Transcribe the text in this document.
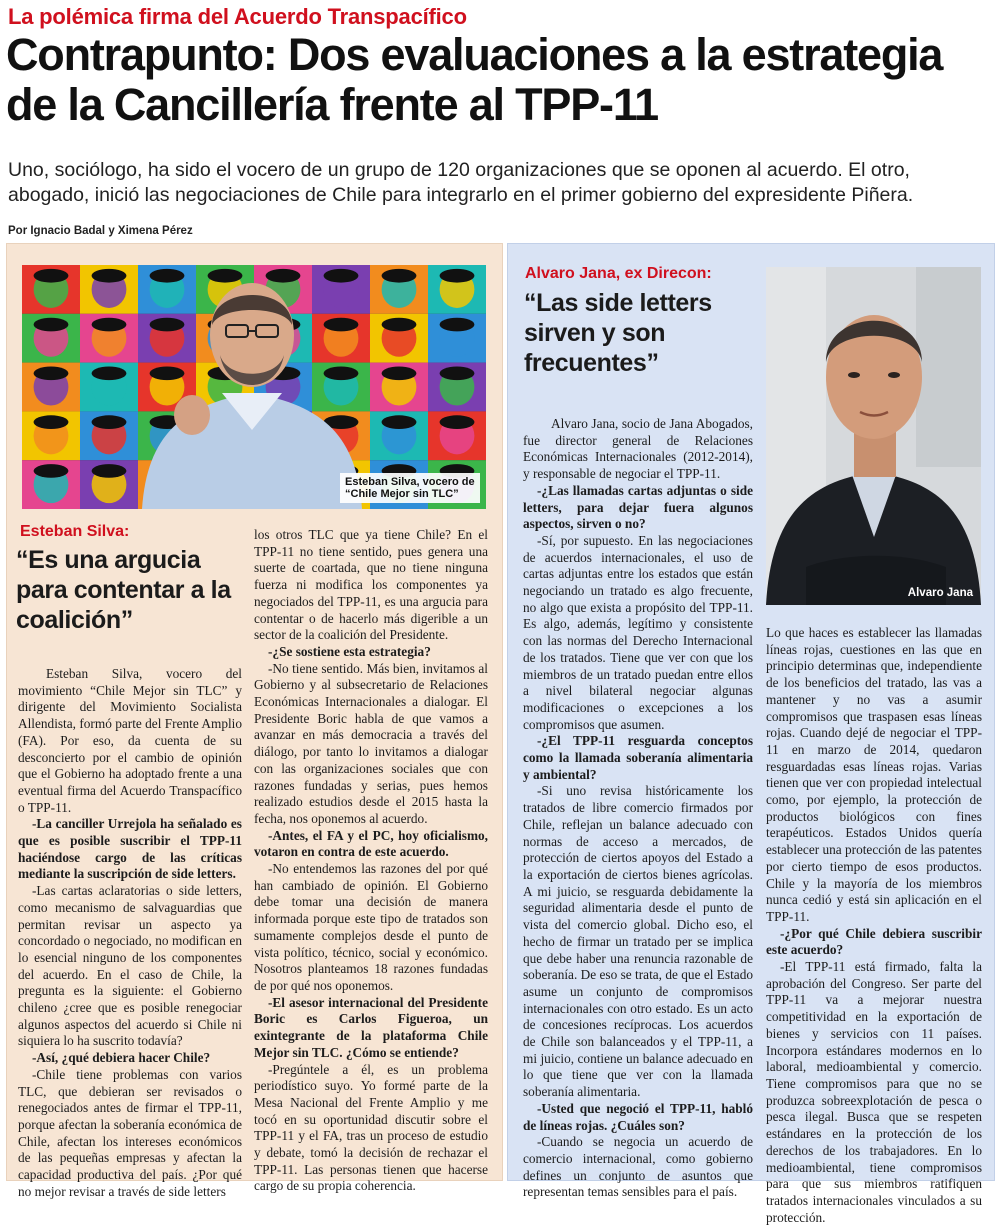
La polémica firma del Acuerdo Transpacífico
Contrapunto: Dos evaluaciones a la estrategia de la Cancillería frente al TPP-11
Uno, sociólogo, ha sido el vocero de un grupo de 120 organizaciones que se oponen al acuerdo. El otro, abogado, inició las negociaciones de Chile para integrarlo en el primer gobierno del expresidente Piñera.
Por Ignacio Badal y Ximena Pérez
Esteban Silva, vocero de “Chile Mejor sin TLC”
Alvaro Jana
Esteban Silva:
“Es una argucia para contentar a la coalición”

Esteban Silva, vocero del movimiento “Chile Mejor sin TLC” y dirigente del Movimiento Socialista Allendista, formó parte del Frente Amplio (FA). Por eso, da cuenta de su desconcierto por el cambio de opinión que el Gobierno ha adoptado frente a una eventual firma del Acuerdo Transpacífico o TPP-11.

-La canciller Urrejola ha señalado es que es posible suscribir el TPP-11 haciéndose cargo de las críticas mediante la suscripción de side letters.

-Las cartas aclaratorias o side letters, como mecanismo de salvaguardias que permitan revisar un aspecto ya concordado o negociado, no modifican en lo esencial ninguno de los componentes del acuerdo. En el caso de Chile, la pregunta es la siguiente: el Gobierno chileno ¿cree que es posible renegociar algunos aspectos del acuerdo si Chile ni siquiera lo ha suscrito todavía?

-Así, ¿qué debiera hacer Chile?

-Chile tiene problemas con varios TLC, que debieran ser revisados o renegociados antes de firmar el TPP-11, porque afectan la soberanía económica de Chile, afectan los intereses económicos de las pequeñas empresas y afectan la capacidad productiva del país. ¿Por qué no mejor revisar a través de side letters

los otros TLC que ya tiene Chile? En el TPP-11 no tiene sentido, pues genera una suerte de coartada, que no tiene ninguna fuerza ni modifica los componentes ya negociados del TPP-11, es una argucia para contentar o de hacerlo más digerible a un sector de la coalición del Presidente.

-¿Se sostiene esta estrategia?

-No tiene sentido. Más bien, invitamos al Gobierno y al subsecretario de Relaciones Económicas Internacionales a dialogar. El Presidente Boric habla de que vamos a avanzar en más democracia a través del diálogo, por tanto lo invitamos a dialogar con las organizaciones sociales que con razones fundadas y serias, pues hemos realizado estudios desde el 2015 hasta la fecha, nos oponemos al acuerdo.

-Antes, el FA y el PC, hoy oficialismo, votaron en contra de este acuerdo.

-No entendemos las razones del por qué han cambiado de opinión. El Gobierno debe tomar una decisión de manera informada porque este tipo de tratados son sumamente complejos desde el punto de vista político, técnico, social y económico. Nosotros planteamos 18 razones fundadas de por qué nos oponemos.

-El asesor internacional del Presidente Boric es Carlos Figueroa, un exintegrante de la plataforma Chile Mejor sin TLC. ¿Cómo se entiende?

-Pregúntele a él, es un problema periodístico suyo. Yo formé parte de la Mesa Nacional del Frente Amplio y me tocó en su oportunidad discutir sobre el TPP-11 y el FA, tras un proceso de estudio y debate, tomó la decisión de rechazar el TPP-11. Las personas tienen que hacerse cargo de su propia coherencia.

Alvaro Jana, ex Direcon:
“Las side letters sirven y son frecuentes”

Alvaro Jana, socio de Jana Abogados, fue director general de Relaciones Económicas Internacionales (2012-2014), y responsable de negociar el TPP-11.

-¿Las llamadas cartas adjuntas o side letters, para dejar fuera algunos aspectos, sirven o no?

-Sí, por supuesto. En las negociaciones de acuerdos internacionales, el uso de cartas adjuntas entre los estados que están negociando un tratado es algo frecuente, no algo que exista a propósito del TPP-11. Es algo, además, legítimo y consistente con las normas del Derecho Internacional de los tratados. Tiene que ver con que los miembros de un tratado puedan entre ellos a nivel bilateral negociar algunas modificaciones o excepciones a los compromisos que asumen.

-¿El TPP-11 resguarda conceptos como la llamada soberanía alimentaria y ambiental?

-Si uno revisa históricamente los tratados de libre comercio firmados por Chile, reflejan un balance adecuado con normas de acceso a mercados, de protección de ciertos apoyos del Estado a la exportación de ciertos bienes agrícolas. A mi juicio, se resguarda debidamente la seguridad alimentaria desde el punto de vista del comercio global. Dicho eso, el hecho de firmar un tratado per se implica que debe haber una renuncia razonable de soberanía. De eso se trata, de que el Estado asume un conjunto de compromisos internacionales con otro estado. Es un acto de concesiones recíprocas. Los acuerdos de Chile son balanceados y el TPP-11, a mi juicio, contiene un balance adecuado en lo que tiene que ver con la llamada soberanía alimentaria.

-Usted que negoció el TPP-11, habló de líneas rojas. ¿Cuáles son?

-Cuando se negocia un acuerdo de comercio internacional, como gobierno defines un conjunto de asuntos que representan temas sensibles para el país.

Lo que haces es establecer las llamadas líneas rojas, cuestiones en las que en principio determinas que, independiente de los beneficios del tratado, las vas a mantener y no vas a asumir compromisos que traspasen esas líneas rojas. Cuando dejé de negociar el TPP-11 en marzo de 2014, quedaron resguardadas esas líneas rojas. Varias tienen que ver con propiedad intelectual como, por ejemplo, la protección de productos biológicos con fines terapéuticos. Estados Unidos quería establecer una protección de las patentes por cierto tiempo de esos productos. Chile y la mayoría de los miembros nunca cedió y está sin aplicación en el TPP-11.

-¿Por qué Chile debiera suscribir este acuerdo?

-El TPP-11 está firmado, falta la aprobación del Congreso. Ser parte del TPP-11 va a mejorar nuestra competitividad en la exportación de bienes y servicios con 11 países. Incorpora estándares modernos en lo laboral, medioambiental y comercio. Tiene compromisos para que no se produzca sobreexplotación de pesca o pesca ilegal. Busca que se respeten estándares en la protección de los derechos de los trabajadores. En lo medioambiental, tiene compromisos para que sus miembros ratifiquen tratados internacionales vinculados a su protección.
